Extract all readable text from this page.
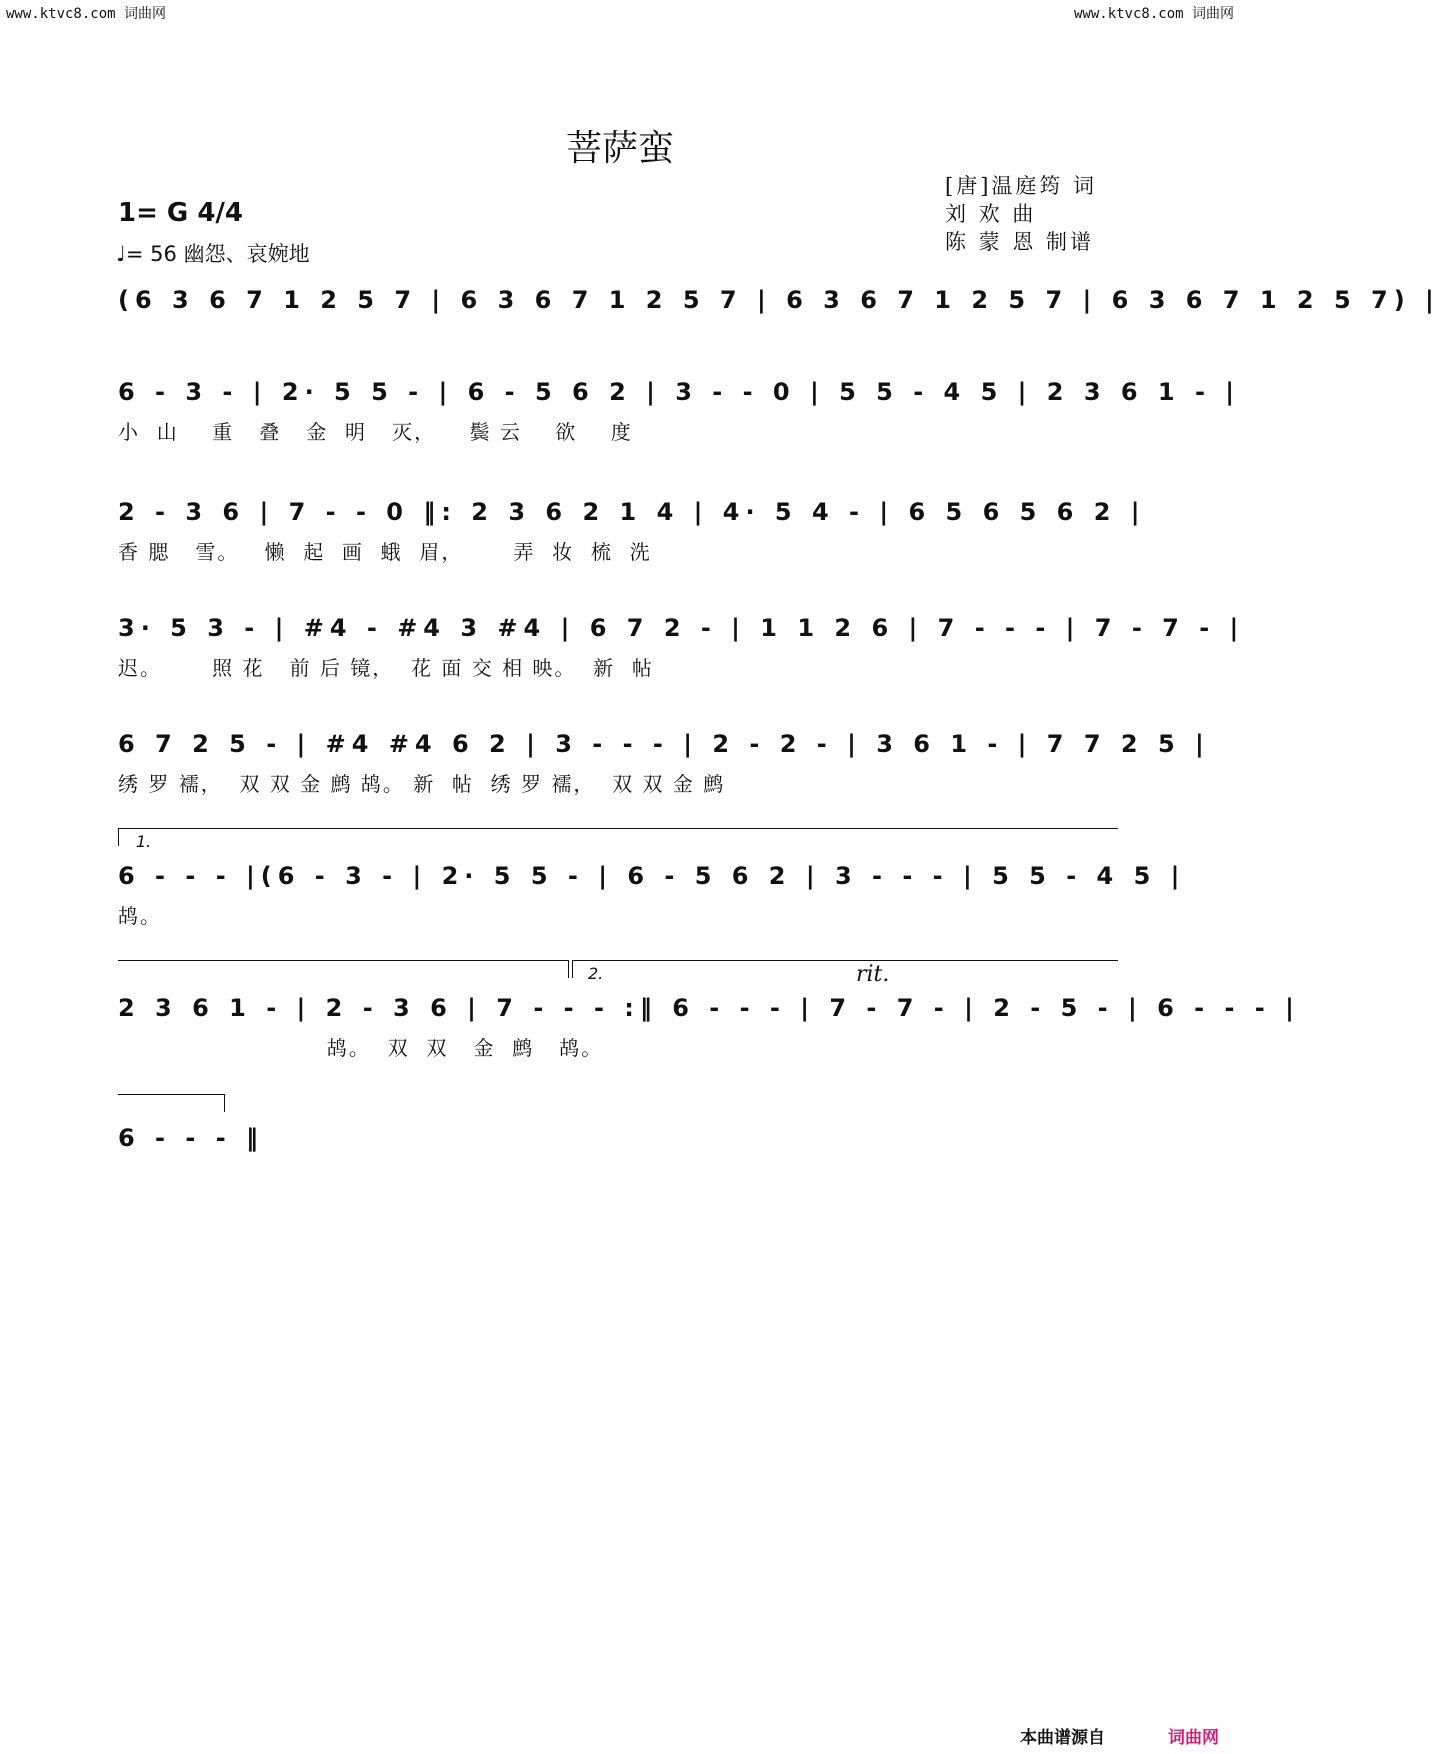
www.ktvc8.com 词曲网	www.ktvc8.com 词曲网
菩萨蛮
[唐]温庭筠 词
刘 欢 曲
陈 蒙 恩 制谱
1= G 4/4
♩= 56 幽怨、哀婉地
(6 3 6 7 1 2 5 7 | 6 3 6 7 1 2 5 7 | 6 3 6 7 1 2 5 7 | 6 3 6 7 1 2 5 7) |
6 - 3 - | 2· 5 5 - | 6 - 5 6 2 | 3 - - 0 | 5 5 - 4 5 | 2 3 6 1 - |
小  山    重   叠   金  明   灭，    鬓 云    欲    度
2 - 3 6 | 7 - - 0 ‖: 2 3 6 2 1 4 | 4· 5 4 - | 6 5 6 5 6 2 |
香 腮   雪。   懒  起  画  蛾  眉，      弄  妆  梳  洗
3· 5 3 - | #4 - #4 3 #4 | 6 7 2 - | 1 1 2 6 | 7 - - - | 7 - 7 - |
迟。      照 花   前 后 镜，  花 面 交 相 映。  新  帖
6 7 2 5 - | #4 #4 6 2 | 3 - - - | 2 - 2 - | 3 6 1 - | 7 7 2 5 |
绣 罗 襦，  双 双 金 鹧 鸪。 新  帖  绣 罗 襦，  双 双 金 鹧
1.
6 - - - |(6 - 3 - | 2· 5 5 - | 6 - 5 6 2 | 3 - - - | 5 5 - 4 5 |
鸪。
2.	rit.
2 3 6 1 - | 2 - 3 6 | 7 - - - :‖ 6 - - - | 7 - 7 - | 2 - 5 - | 6 - - - |
鸪。  双  双   金  鹧   鸪。
6 - - - ‖
本曲谱源自	词曲网
